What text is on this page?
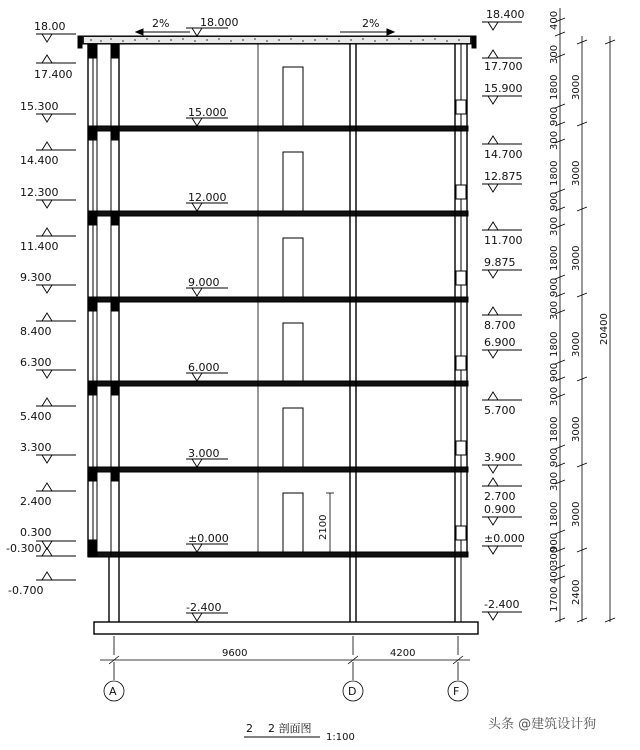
2%	2%
18.000
15.000
12.000
9.000
6.000
3.000
±0.000
-2.400
18.00
17.400
15.300
14.400
12.300
11.400
9.300
8.400
6.300
5.400
3.300
2.400
0.300
-0.300
-0.700
18.400
17.700
15.900
14.700
12.875
11.700
9.875
8.700
6.900
5.700
3.900
2.700
0.900
±0.000
-2.400
2100
400
300
1800
900
300
1800
900
300
1800
900
300
1800
900
300
1800
900
300
1800
900
300
400
1700
3000
3000
3000
3000
3000
3000
2400
20400
9600	4200
A	D	F
2 2 剖面图
1:100
头条 @建筑设计狗
